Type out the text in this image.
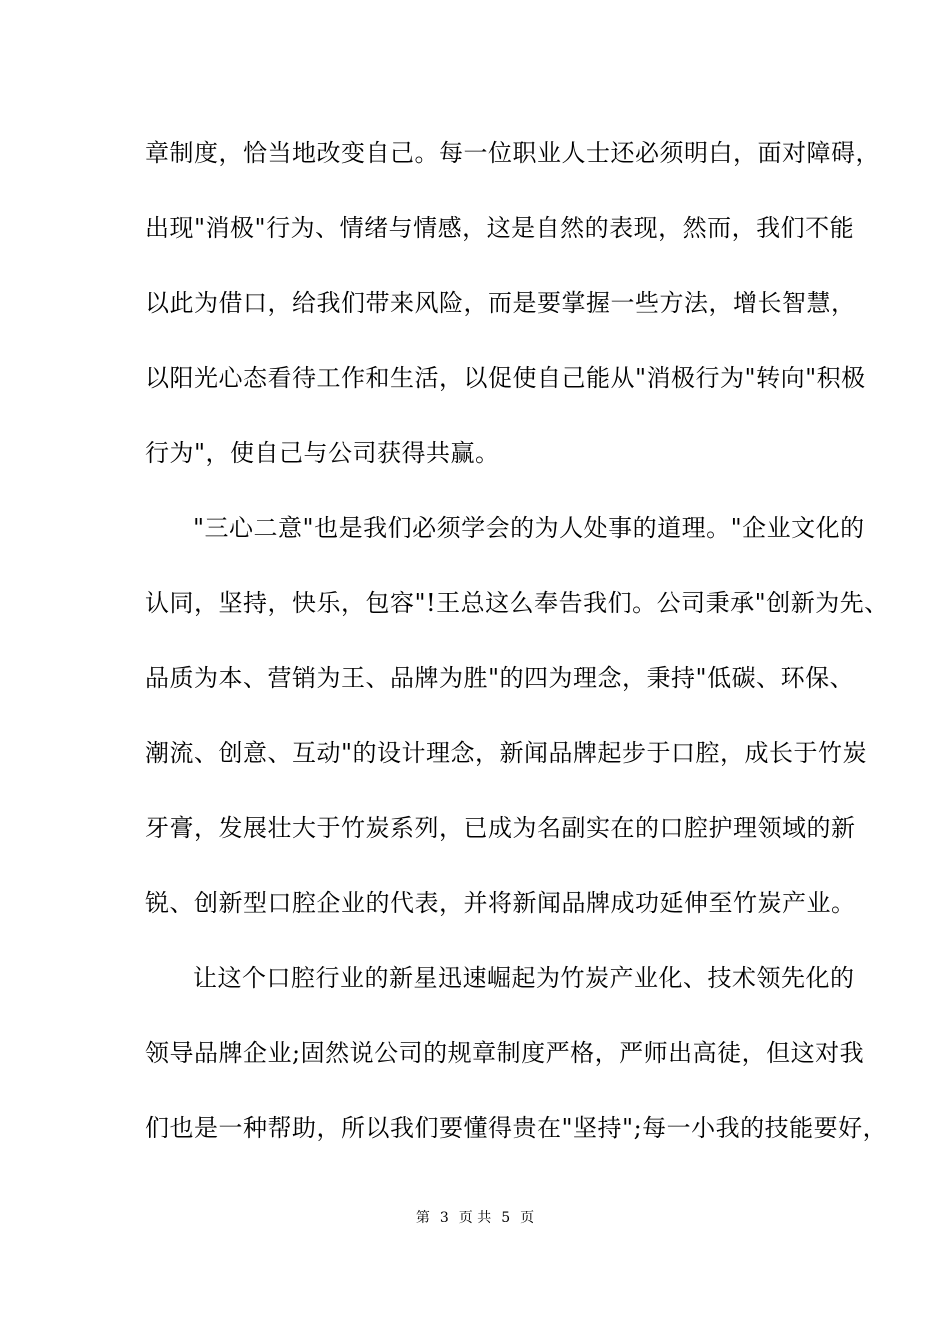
章制度，恰当地改变自己。每一位职业人士还必须明白，面对障碍，
出现"消极"行为、情绪与情感，这是自然的表现，然而，我们不能
以此为借口，给我们带来风险，而是要掌握一些方法，增长智慧，
以阳光心态看待工作和生活，以促使自己能从"消极行为"转向"积极
行为"，使自己与公司获得共赢。
"三心二意"也是我们必须学会的为人处事的道理。"企业文化的
认同，坚持，快乐，包容"!王总这么奉告我们。公司秉承"创新为先、
品质为本、营销为王、品牌为胜"的四为理念，秉持"低碳、环保、
潮流、创意、互动"的设计理念，新闻品牌起步于口腔，成长于竹炭
牙膏，发展壮大于竹炭系列，已成为名副实在的口腔护理领域的新
锐、创新型口腔企业的代表，并将新闻品牌成功延伸至竹炭产业。
让这个口腔行业的新星迅速崛起为竹炭产业化、技术领先化的
领导品牌企业;固然说公司的规章制度严格，严师出高徒，但这对我
们也是一种帮助，所以我们要懂得贵在"坚持";每一小我的技能要好，
第 3 页 共 5 页
